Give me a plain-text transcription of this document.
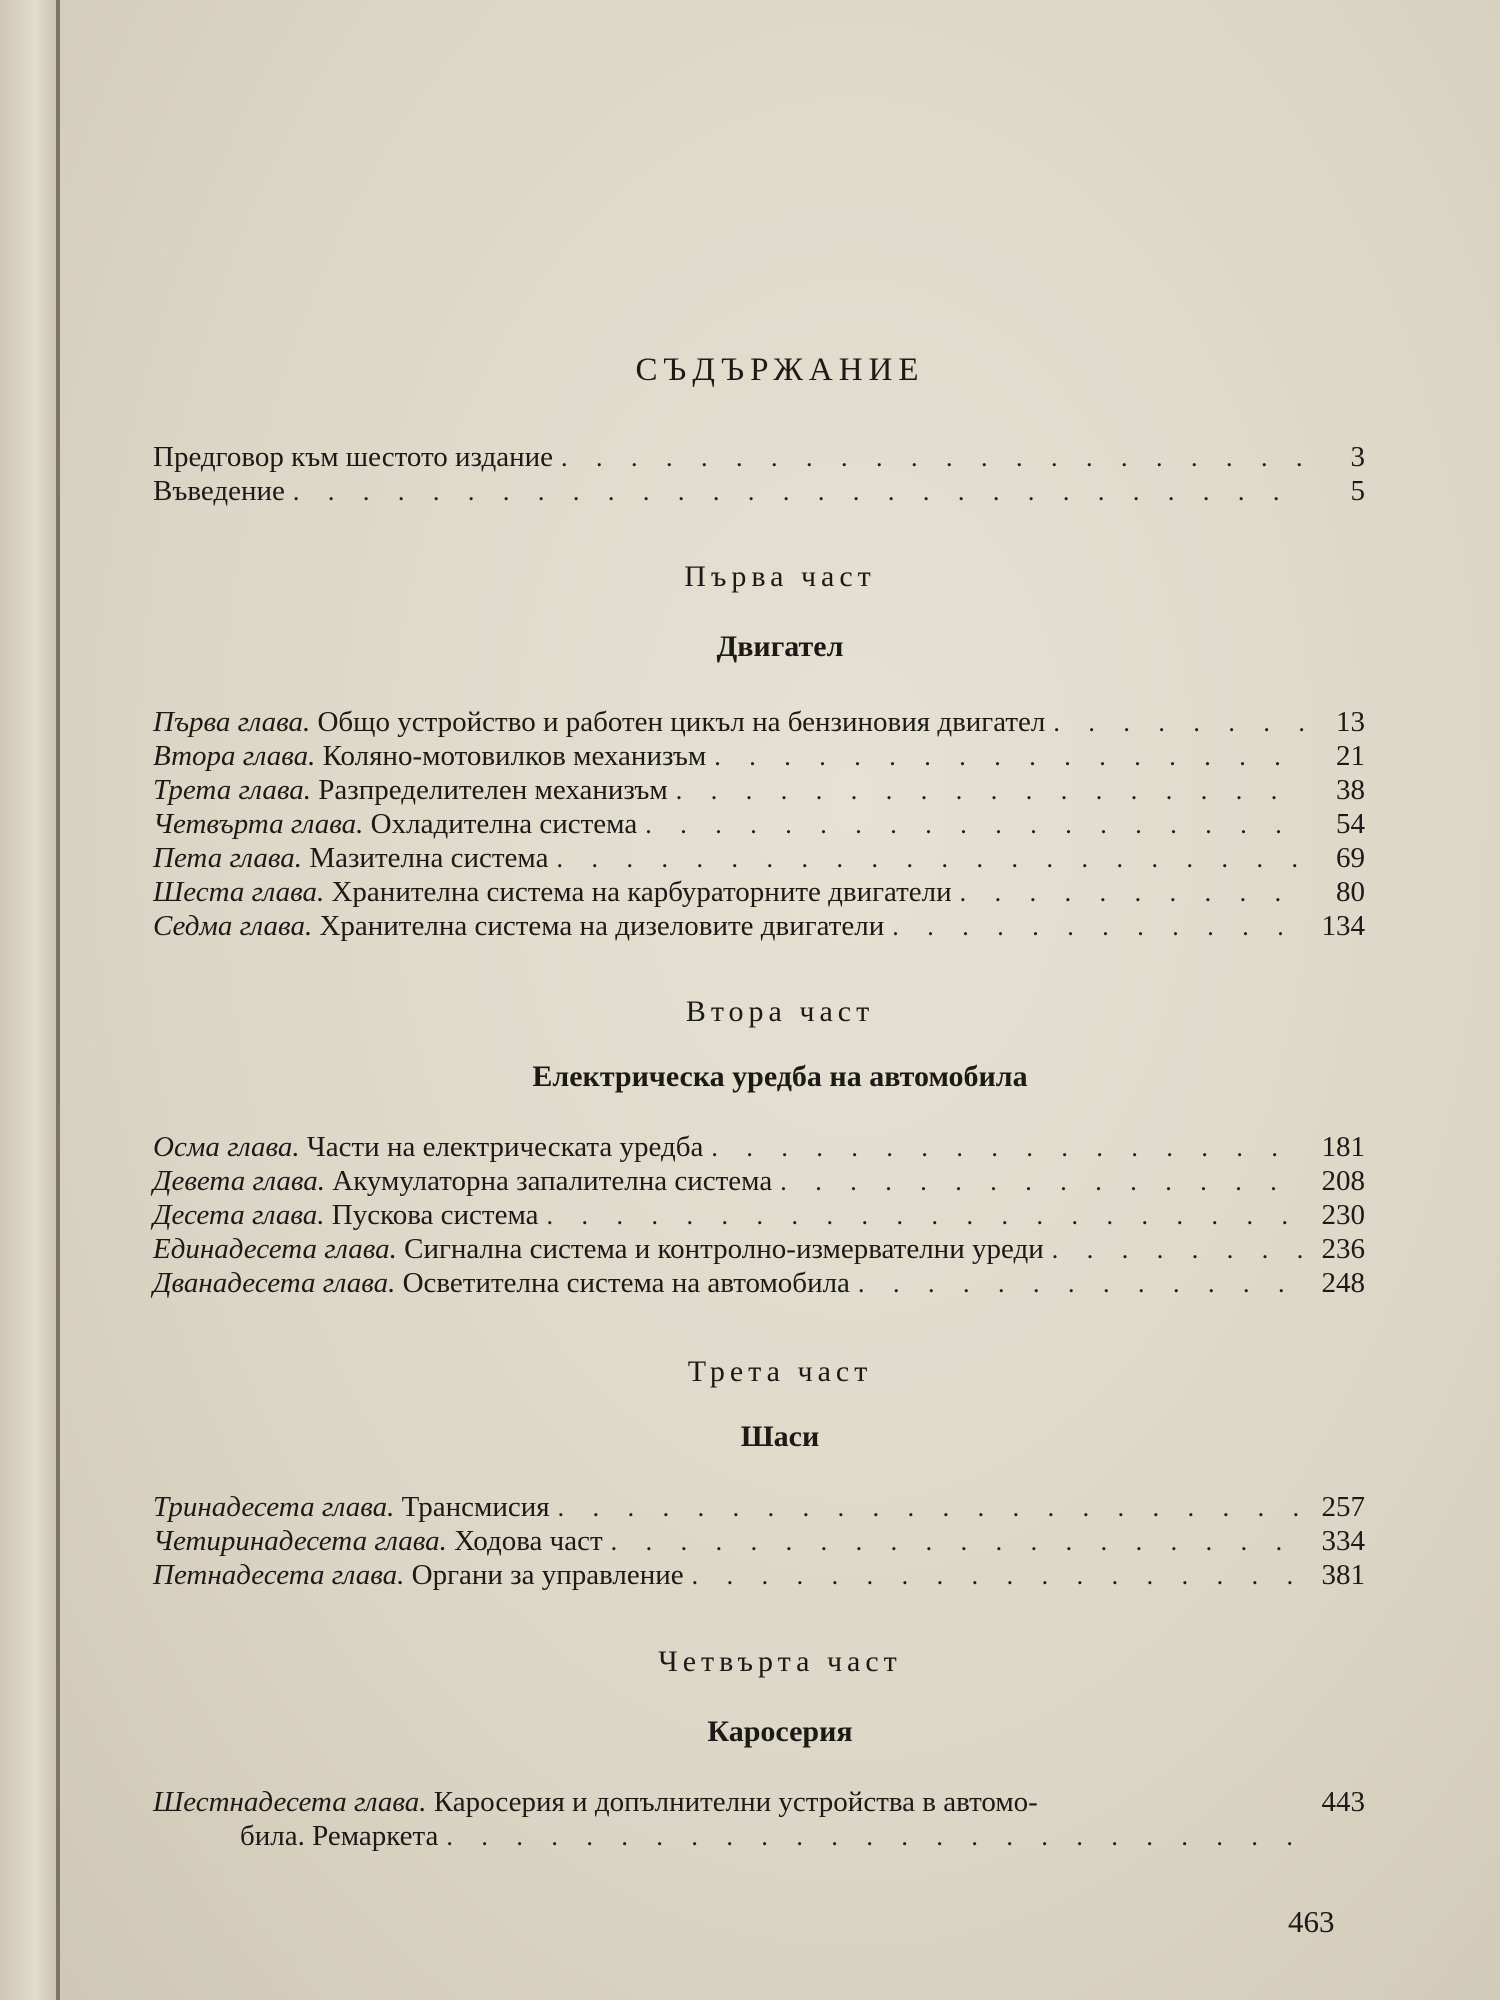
СЪДЪРЖАНИЕ
Предговор към шестото издание . . .	3
Въведение . . .	5
Първа част
Двигател
Първа глава. Общо устройство и работен цикъл на бензиновия двигател . . .	13
Втора глава. Коляно-мотовилков механизъм . . .	21
Трета глава. Разпределителен механизъм . . .	38
Четвърта глава. Охладителна система . . .	54
Пета глава. Мазителна система . . .	69
Шеста глава. Хранителна система на карбураторните двигатели . . .	80
Седма глава. Хранителна система на дизеловите двигатели . . .	134
Втора част
Електрическа уредба на автомобила
Осма глава. Части на електрическата уредба . . .	181
Девета глава. Акумулаторна запалителна система . . .	208
Десета глава. Пускова система . . .	230
Единадесета глава. Сигнална система и контролно-измервателни уреди . . .	236
Дванадесета глава. Осветителна система на автомобила . . .	248
Трета част
Шаси
Тринадесета глава. Трансмисия . . .	257
Четиринадесета глава. Ходова част . . .	334
Петнадесета глава. Органи за управление . . .	381
Четвърта част
Каросерия
Шестнадесета глава. Каросерия и допълнителни устройства в автомо-	443
била. Ремаркета
. . .
463
